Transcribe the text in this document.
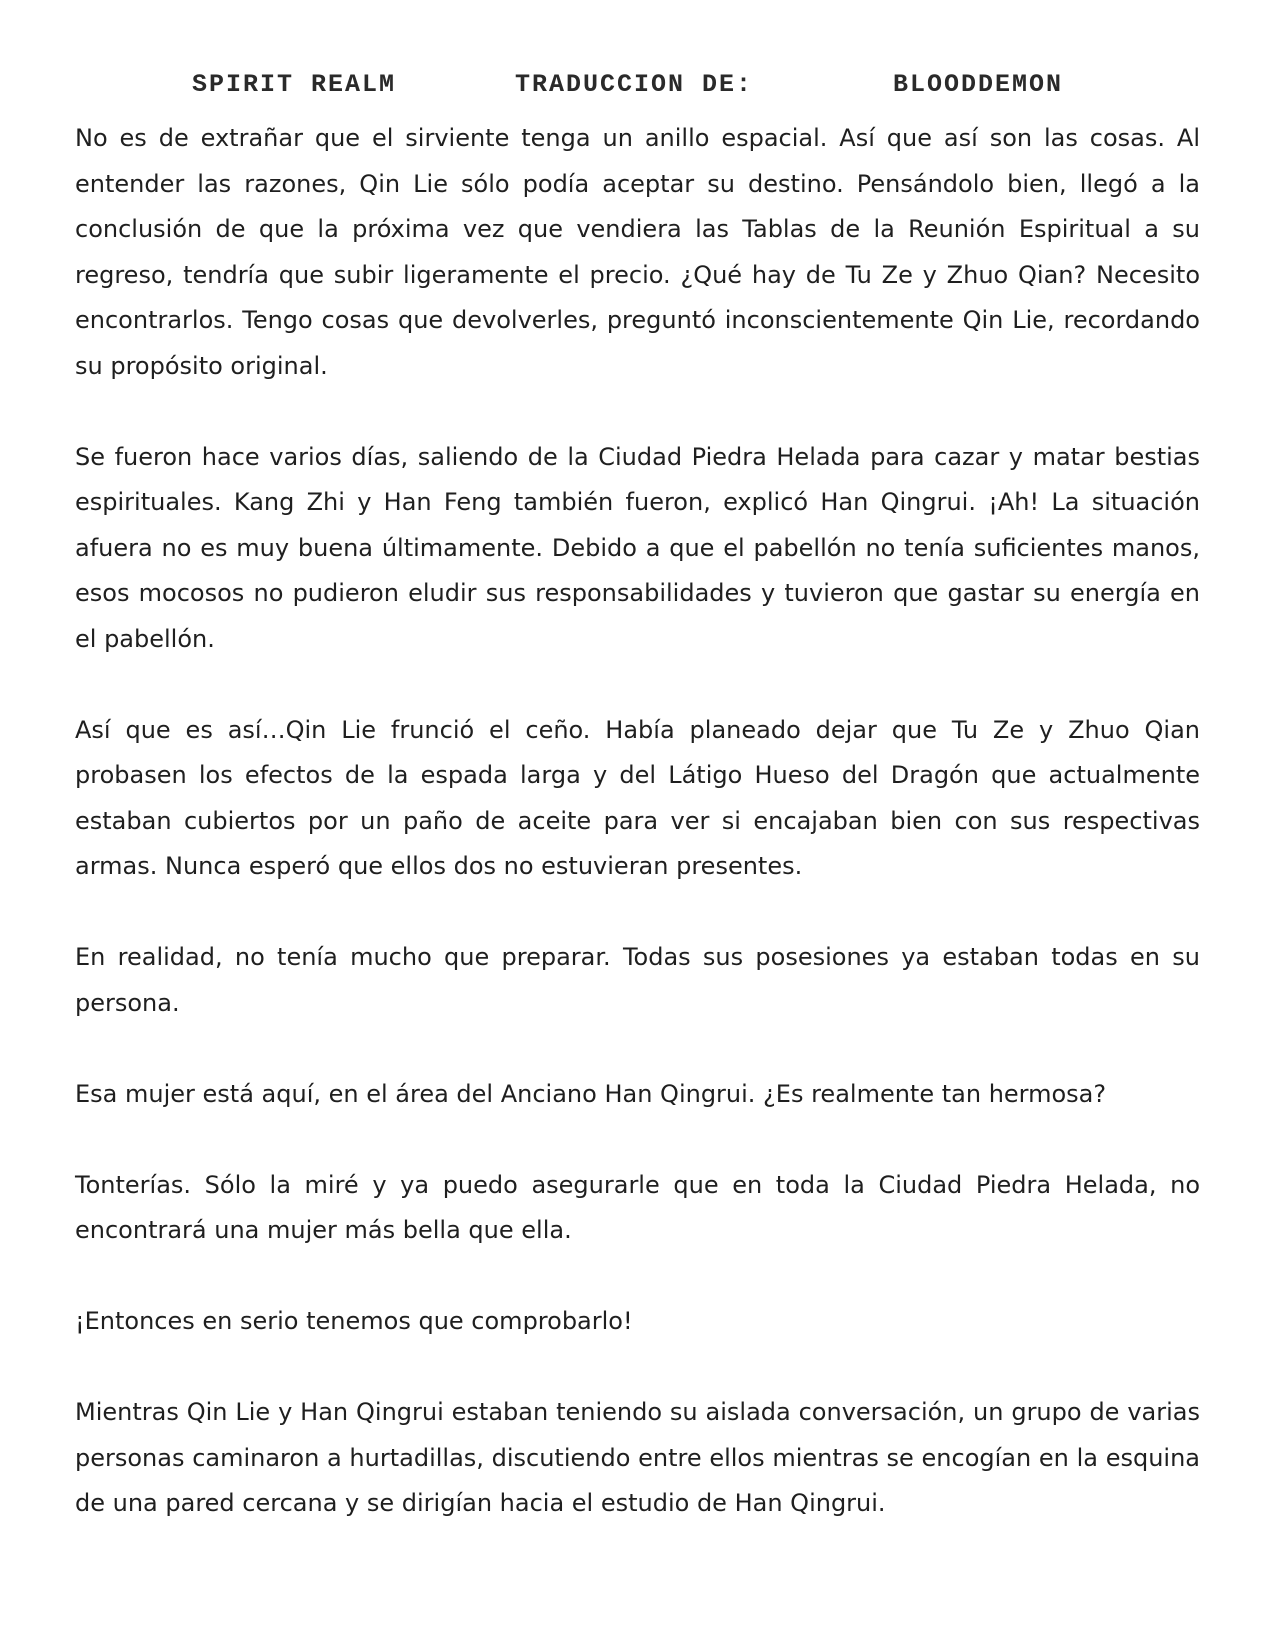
SPIRIT REALM	TRADUCCION DE:	BLOODDEMON

No es de extrañar que el sirviente tenga un anillo espacial. Así que así son las cosas. Al entender las razones, Qin Lie sólo podía aceptar su destino. Pensándolo bien, llegó a la conclusión de que la próxima vez que vendiera las Tablas de la Reunión Espiritual a su regreso, tendría que subir ligeramente el precio. ¿Qué hay de Tu Ze y Zhuo Qian? Necesito encontrarlos. Tengo cosas que devolverles, preguntó inconscientemente Qin Lie, recordando su propósito original.

Se fueron hace varios días, saliendo de la Ciudad Piedra Helada para cazar y matar bestias espirituales. Kang Zhi y Han Feng también fueron, explicó Han Qingrui. ¡Ah! La situación afuera no es muy buena últimamente. Debido a que el pabellón no tenía suficientes manos, esos mocosos no pudieron eludir sus responsabilidades y tuvieron que gastar su energía en el pabellón.

Así que es así…Qin Lie frunció el ceño. Había planeado dejar que Tu Ze y Zhuo Qian probasen los efectos de la espada larga y del Látigo Hueso del Dragón que actualmente estaban cubiertos por un paño de aceite para ver si encajaban bien con sus respectivas armas. Nunca esperó que ellos dos no estuvieran presentes.

En realidad, no tenía mucho que preparar. Todas sus posesiones ya estaban todas en su persona.

Esa mujer está aquí, en el área del Anciano Han Qingrui. ¿Es realmente tan hermosa?

Tonterías. Sólo la miré y ya puedo asegurarle que en toda la Ciudad Piedra Helada, no encontrará una mujer más bella que ella.

¡Entonces en serio tenemos que comprobarlo!

Mientras Qin Lie y Han Qingrui estaban teniendo su aislada conversación, un grupo de varias personas caminaron a hurtadillas, discutiendo entre ellos mientras se encogían en la esquina de una pared cercana y se dirigían hacia el estudio de Han Qingrui.
